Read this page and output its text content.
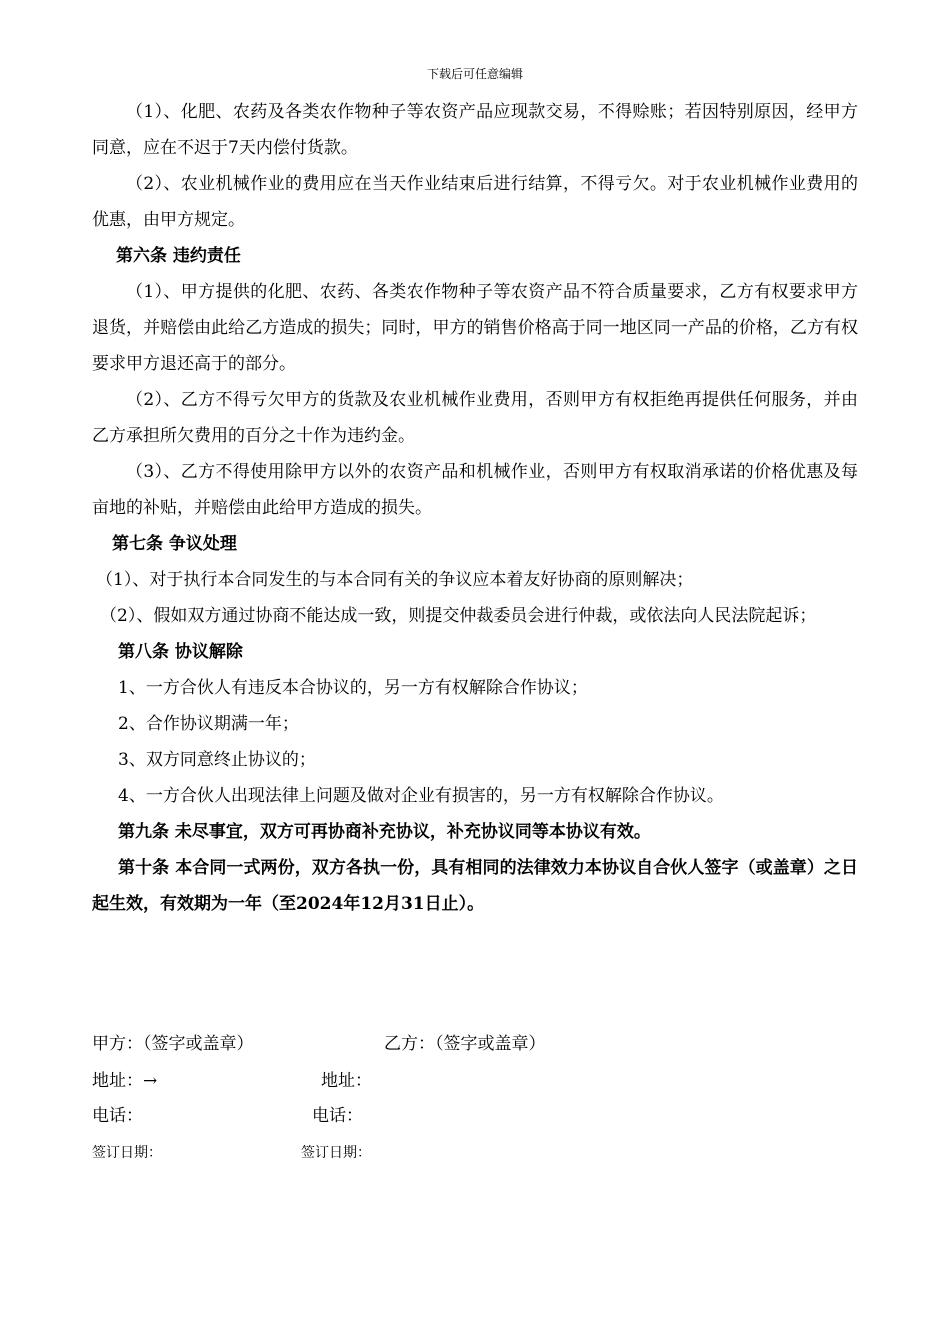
下载后可任意编辑

（1）、化肥、农药及各类农作物种子等农资产品应现款交易，不得赊账；若因特别原因，经甲方同意，应在不迟于7天内偿付货款。

（2）、农业机械作业的费用应在当天作业结束后进行结算，不得亏欠。对于农业机械作业费用的优惠，由甲方规定。

第六条 违约责任

（1）、甲方提供的化肥、农药、各类农作物种子等农资产品不符合质量要求，乙方有权要求甲方退货，并赔偿由此给乙方造成的损失；同时，甲方的销售价格高于同一地区同一产品的价格，乙方有权要求甲方退还高于的部分。

（2）、乙方不得亏欠甲方的货款及农业机械作业费用，否则甲方有权拒绝再提供任何服务，并由乙方承担所欠费用的百分之十作为违约金。

（3）、乙方不得使用除甲方以外的农资产品和机械作业，否则甲方有权取消承诺的价格优惠及每亩地的补贴，并赔偿由此给甲方造成的损失。

第七条 争议处理

（1）、对于执行本合同发生的与本合同有关的争议应本着友好协商的原则解决；

（2）、假如双方通过协商不能达成一致，则提交仲裁委员会进行仲裁，或依法向人民法院起诉；

第八条 协议解除

1、一方合伙人有违反本合协议的，另一方有权解除合作协议；

2、合作协议期满一年；

3、双方同意终止协议的；

4、一方合伙人出现法律上问题及做对企业有损害的，另一方有权解除合作协议。

第九条 未尽事宜，双方可再协商补充协议，补充协议同等本协议有效。

第十条 本合同一式两份，双方各执一份，具有相同的法律效力本协议自合伙人签字（或盖章）之日起生效，有效期为一年（至2024年12月31日止）。

甲方：（签字或盖章）	乙方：（签字或盖章）
地址：→	地址：
电话：	电话：
签订日期：	签订日期：
